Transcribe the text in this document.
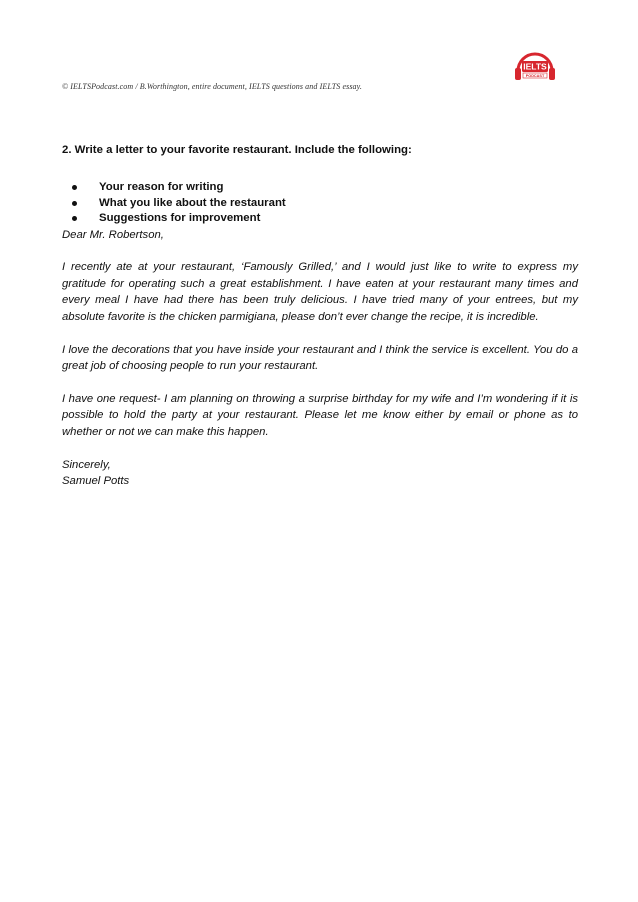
© IELTSPodcast.com / B.Worthington, entire document, IELTS questions and IELTS essay.
IELTS
PODCAST

2. Write a letter to your favorite restaurant. Include the following:

Your reason for writing
What you like about the restaurant
Suggestions for improvement

Dear Mr. Robertson,

I recently ate at your restaurant, ‘Famously Grilled,’ and I would just like to write to express my gratitude for operating such a great establishment. I have eaten at your restaurant many times and every meal I have had there has been truly delicious. I have tried many of your entrees, but my absolute favorite is the chicken parmigiana, please don’t ever change the recipe, it is incredible.

I love the decorations that you have inside your restaurant and I think the service is excellent. You do a great job of choosing people to run your restaurant.

I have one request- I am planning on throwing a surprise birthday for my wife and I’m wondering if it is possible to hold the party at your restaurant. Please let me know either by email or phone as to whether or not we can make this happen.

Sincerely,

Samuel Potts
